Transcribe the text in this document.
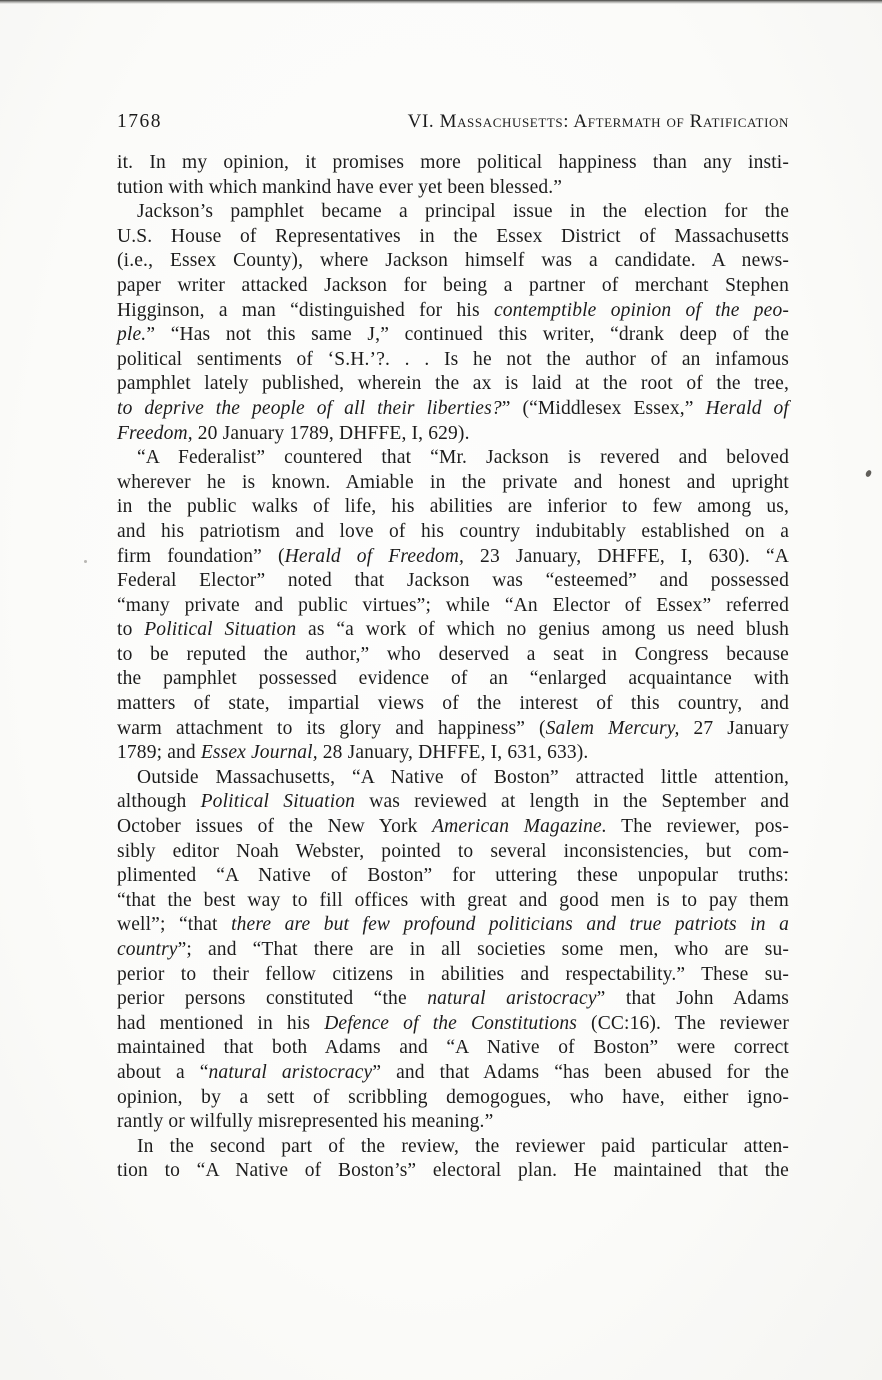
1768	VI. Massachusetts: Aftermath of Ratification
it. In my opinion, it promises more political happiness than any insti-
tution with which mankind have ever yet been blessed.”
Jackson’s pamphlet became a principal issue in the election for the
U.S. House of Representatives in the Essex District of Massachusetts
(i.e., Essex County), where Jackson himself was a candidate. A news-
paper writer attacked Jackson for being a partner of merchant Stephen
Higginson, a man “distinguished for his contemptible opinion of the peo-
ple.” “Has not this same J,” continued this writer, “drank deep of the
political sentiments of ‘S.H.’?. . . Is he not the author of an infamous
pamphlet lately published, wherein the ax is laid at the root of the tree,
to deprive the people of all their liberties?” (“Middlesex Essex,” Herald of
Freedom, 20 January 1789, DHFFE, I, 629).
“A Federalist” countered that “Mr. Jackson is revered and beloved
wherever he is known. Amiable in the private and honest and upright
in the public walks of life, his abilities are inferior to few among us,
and his patriotism and love of his country indubitably established on a
firm foundation” (Herald of Freedom, 23 January, DHFFE, I, 630). “A
Federal Elector” noted that Jackson was “esteemed” and possessed
“many private and public virtues”; while “An Elector of Essex” referred
to Political Situation as “a work of which no genius among us need blush
to be reputed the author,” who deserved a seat in Congress because
the pamphlet possessed evidence of an “enlarged acquaintance with
matters of state, impartial views of the interest of this country, and
warm attachment to its glory and happiness” (Salem Mercury, 27 January
1789; and Essex Journal, 28 January, DHFFE, I, 631, 633).
Outside Massachusetts, “A Native of Boston” attracted little attention,
although Political Situation was reviewed at length in the September and
October issues of the New York American Magazine. The reviewer, pos-
sibly editor Noah Webster, pointed to several inconsistencies, but com-
plimented “A Native of Boston” for uttering these unpopular truths:
“that the best way to fill offices with great and good men is to pay them
well”; “that there are but few profound politicians and true patriots in a
country”; and “That there are in all societies some men, who are su-
perior to their fellow citizens in abilities and respectability.” These su-
perior persons constituted “the natural aristocracy” that John Adams
had mentioned in his Defence of the Constitutions (CC:16). The reviewer
maintained that both Adams and “A Native of Boston” were correct
about a “natural aristocracy” and that Adams “has been abused for the
opinion, by a sett of scribbling demogogues, who have, either igno-
rantly or wilfully misrepresented his meaning.”
In the second part of the review, the reviewer paid particular atten-
tion to “A Native of Boston’s” electoral plan. He maintained that the
